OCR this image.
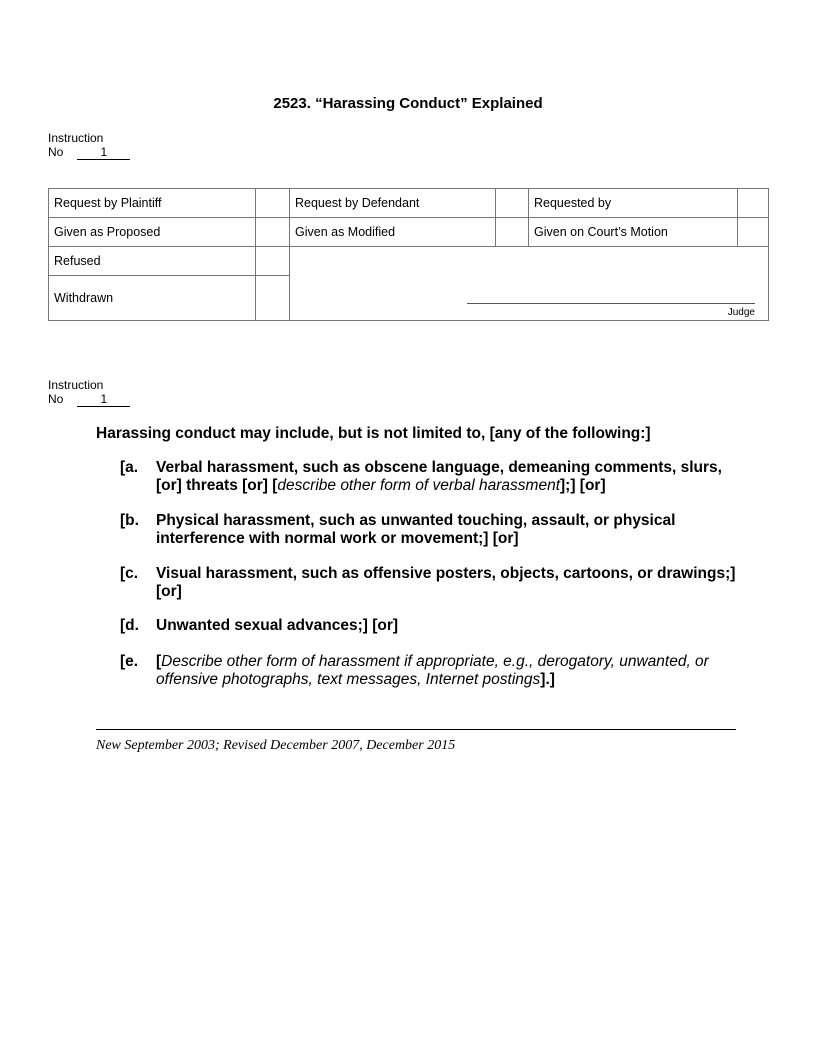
2523. “Harassing Conduct” Explained
Instruction
No	1
Request by Plaintiff		Request by Defendant		Requested by	
Given as Proposed		Given as Modified		Given on Court’s Motion	
Refused		Judge			

Withdrawn					
Instruction
No	1
Harassing conduct may include, but is not limited to, [any of the following:]
[a. Verbal harassment, such as obscene language, demeaning comments, slurs, [or] threats [or] [describe other form of verbal harassment];] [or]
[b. Physical harassment, such as unwanted touching, assault, or physical interference with normal work or movement;] [or]
[c. Visual harassment, such as offensive posters, objects, cartoons, or drawings;] [or]
[d. Unwanted sexual advances;] [or]
[e. [Describe other form of harassment if appropriate, e.g., derogatory, unwanted, or offensive photographs, text messages, Internet postings].]
New September 2003; Revised December 2007, December 2015
